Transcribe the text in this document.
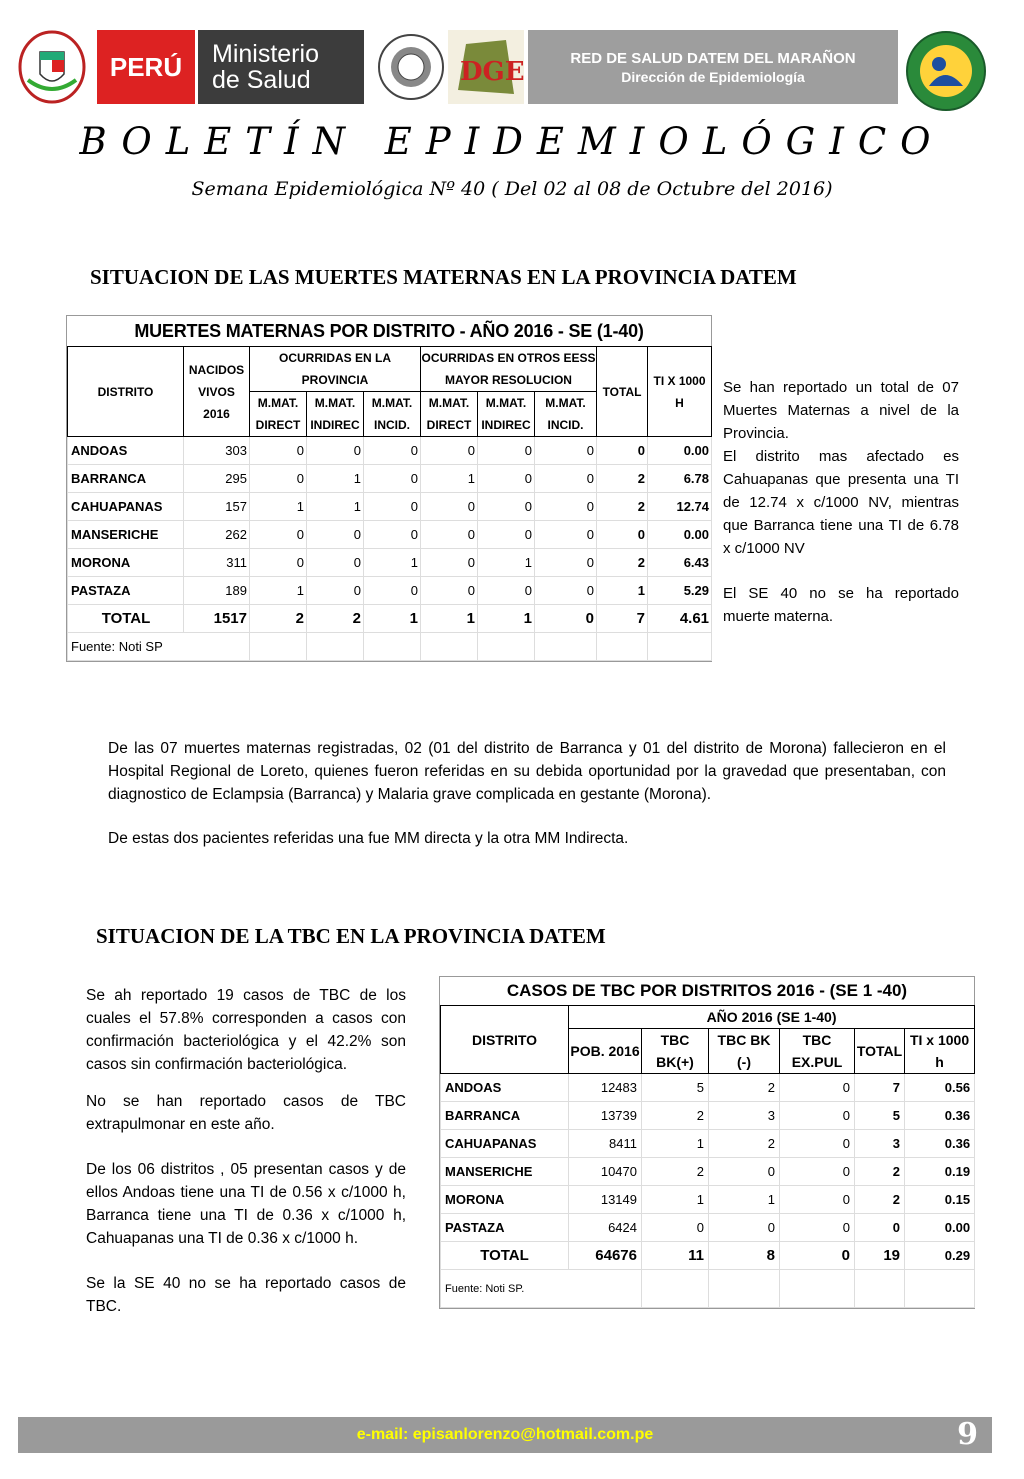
PERÚ Ministerio
de Salud	DGE	RED DE SALUD DATEM DEL MARAÑON
Dirección de Epidemiología
BOLETÍN EPIDEMIOLÓGICO
Semana Epidemiológica Nº 40 ( Del 02 al 08 de Octubre del 2016)
SITUACION DE LAS MUERTES MATERNAS EN LA PROVINCIA DATEM
MUERTES MATERNAS POR DISTRITO - AÑO 2016 - SE (1-40)
DISTRITO	NACIDOS VIVOS 2016	OCURRIDAS EN LA PROVINCIA			OCURRIDAS EN OTROS EESS MAYOR RESOLUCION			TOTAL	TI X 1000 H
		M.MAT. DIRECT	M.MAT. INDIREC	M.MAT. INCID.	M.MAT. DIRECT	M.MAT. INDIREC	M.MAT. INCID.		
ANDOAS	303	0	0	0	0	0	0	0	0.00
BARRANCA	295	0	1	0	1	0	0	2	6.78
CAHUAPANAS	157	1	1	0	0	0	0	2	12.74
MANSERICHE	262	0	0	0	0	0	0	0	0.00
MORONA	311	0	0	1	0	1	0	2	6.43
PASTAZA	189	1	0	0	0	0	0	1	5.29
TOTAL	1517	2	2	1	1	1	0	7	4.61
Fuente: Noti SP									

Se han reportado un total de 07 Muertes Maternas a nivel de la Provincia.

El distrito mas afectado es Cahuapanas que presenta una TI de 12.74 x c/1000 NV, mientras que Barranca tiene una TI de 6.78 x c/1000 NV

El SE 40 no se ha reportado muerte materna.

De las 07 muertes maternas registradas, 02 (01 del distrito de Barranca y 01 del distrito de Morona) fallecieron en el Hospital Regional de Loreto, quienes fueron referidas en su debida oportunidad por la gravedad que presentaban, con diagnostico de Eclampsia (Barranca) y Malaria grave complicada en gestante (Morona).

De estas dos pacientes referidas una fue MM directa y la otra MM Indirecta.

SITUACION DE LA TBC EN LA PROVINCIA DATEM

Se ah reportado 19 casos de TBC de los cuales el 57.8% corresponden a casos con confirmación bacteriológica y el 42.2% son casos sin confirmación bacteriológica.

No se han reportado casos de TBC extrapulmonar en este año.

De los 06 distritos , 05 presentan casos y de ellos Andoas tiene una TI de 0.56 x c/1000 h, Barranca tiene una TI de 0.36 x c/1000 h, Cahuapanas una TI de 0.36 x c/1000 h.

Se la SE 40 no se ha reportado casos de TBC.

CASOS DE TBC POR DISTRITOS 2016 - (SE 1 -40)
DISTRITO	AÑO 2016 (SE 1-40)					
	POB. 2016	TBC BK(+)	TBC BK (-)	TBC EX.PUL	TOTAL	TI x 1000 h
ANDOAS	12483	5	2	0	7	0.56
BARRANCA	13739	2	3	0	5	0.36
CAHUAPANAS	8411	1	2	0	3	0.36
MANSERICHE	10470	2	0	0	2	0.19
MORONA	13149	1	1	0	2	0.15
PASTAZA	6424	0	0	0	0	0.00
TOTAL	64676	11	8	0	19	0.29
Fuente: Noti SP.						
e-mail: episanlorenzo@hotmail.com.pe	9
